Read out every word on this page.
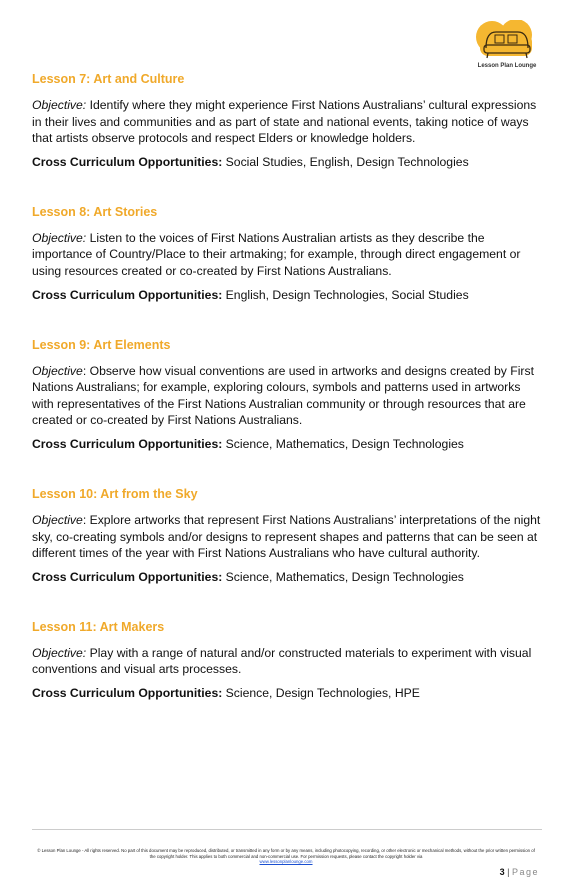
Lesson Plan Lounge
Lesson 7: Art and Culture

Objective: Identify where they might experience First Nations Australians’ cultural expressions in their lives and communities and as part of state and national events, taking notice of ways that artists observe protocols and respect Elders or knowledge holders.

Cross Curriculum Opportunities: Social Studies, English, Design Technologies

Lesson 8: Art Stories

Objective: Listen to the voices of First Nations Australian artists as they describe the importance of Country/Place to their artmaking; for example, through direct engagement or using resources created or co-created by First Nations Australians.

Cross Curriculum Opportunities: English, Design Technologies, Social Studies

Lesson 9: Art Elements

Objective: Observe how visual conventions are used in artworks and designs created by First Nations Australians; for example, exploring colours, symbols and patterns used in artworks with representatives of the First Nations Australian community or through resources that are created or co-created by First Nations Australians.

Cross Curriculum Opportunities: Science, Mathematics, Design Technologies

Lesson 10: Art from the Sky

Objective: Explore artworks that represent First Nations Australians’ interpretations of the night sky, co-creating symbols and/or designs to represent shapes and patterns that can be seen at different times of the year with First Nations Australians who have cultural authority.

Cross Curriculum Opportunities: Science, Mathematics, Design Technologies

Lesson 11: Art Makers

Objective: Play with a range of natural and/or constructed materials to experiment with visual conventions and visual arts processes.

Cross Curriculum Opportunities: Science, Design Technologies, HPE

© Lesson Plan Lounge - All rights reserved. No part of this document may be reproduced, distributed, or transmitted in any form or by any means, including photocopying, recording, or other electronic or mechanical methods, without the prior written permission of the copyright holder. This applies to both commercial and non-commercial use. For permission requests, please contact the copyright holder via
www.lessonplanlounge.com
3 | Page
